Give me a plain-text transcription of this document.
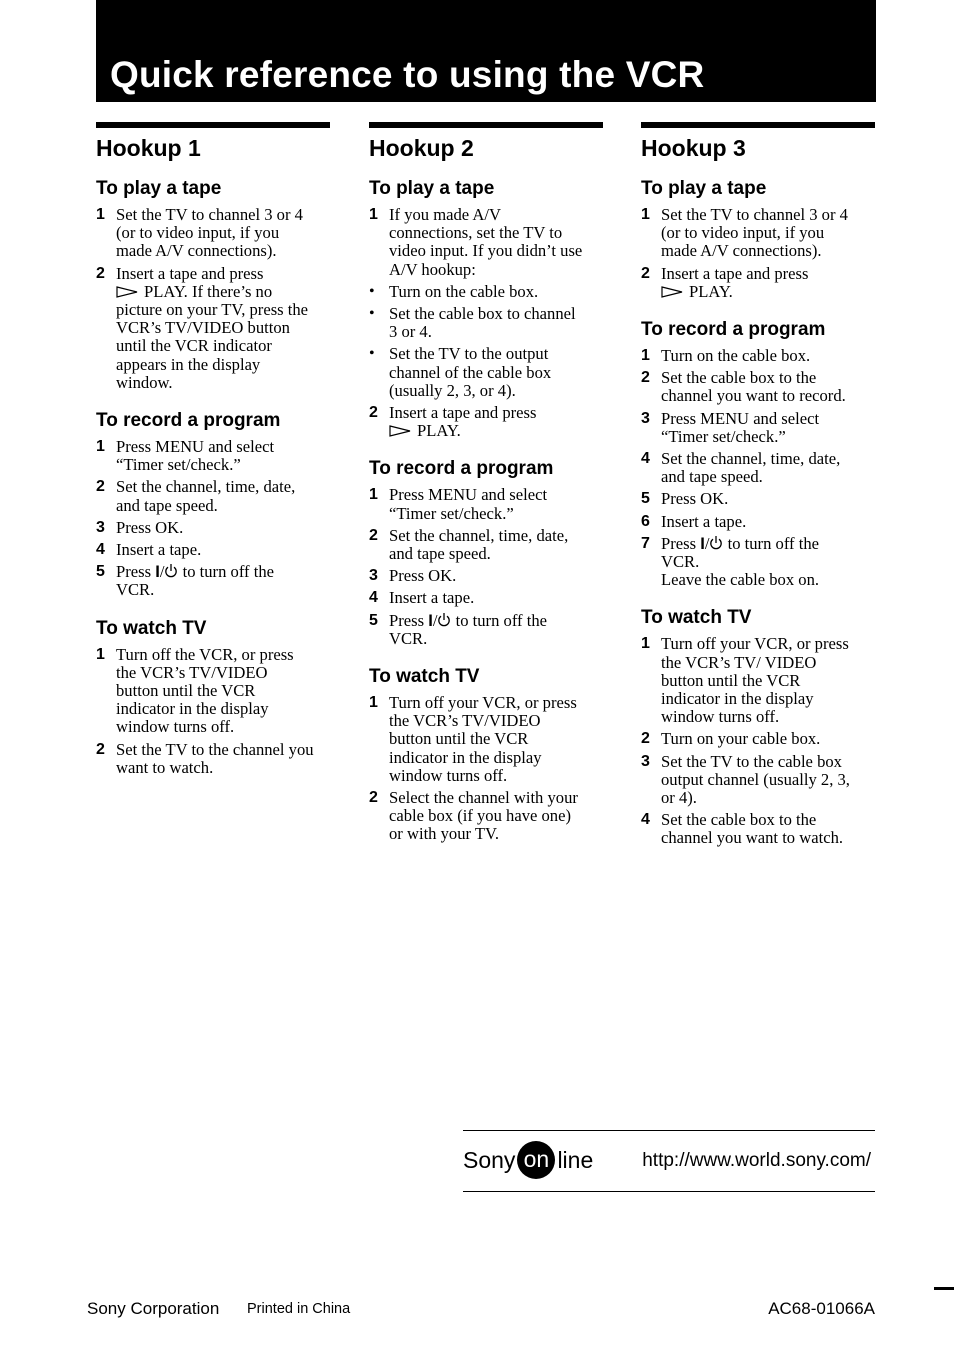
Quick reference to using the VCR
Hookup 1
To play a tape
1 Set the TV to channel 3 or 4
(or to video input, if you
made A/V connections).
2 Insert a tape and press
PLAY. If there’s no
picture on your TV, press the
VCR’s TV/VIDEO button
until the VCR indicator
appears in the display
window.
To record a program
1 Press MENU and select
“Timer set/check.”
2 Set the channel, time, date,
and tape speed.
3 Press OK.
4 Insert a tape.
5 Press I/ to turn off the
VCR.
To watch TV
1 Turn off the VCR, or press
the VCR’s TV/VIDEO
button until the VCR
indicator in the display
window turns off.
2 Set the TV to the channel you
want to watch.
Hookup 2
To play a tape
1 If you made A/V
connections, set the TV to
video input. If you didn’t use
A/V hookup:
• Turn on the cable box.
• Set the cable box to channel
3 or 4.
• Set the TV to the output
channel of the cable box
(usually 2, 3, or 4).
2 Insert a tape and press
PLAY.
To record a program
1 Press MENU and select
“Timer set/check.”
2 Set the channel, time, date,
and tape speed.
3 Press OK.
4 Insert a tape.
5 Press I/ to turn off the
VCR.
To watch TV
1 Turn off your VCR, or press
the VCR’s TV/VIDEO
button until the VCR
indicator in the display
window turns off.
2 Select the channel with your
cable box (if you have one)
or with your TV.
Hookup 3
To play a tape
1 Set the TV to channel 3 or 4
(or to video input, if you
made A/V connections).
2 Insert a tape and press
PLAY.
To record a program
1 Turn on the cable box.
2 Set the cable box to the
channel you want to record.
3 Press MENU and select
“Timer set/check.”
4 Set the channel, time, date,
and tape speed.
5 Press OK.
6 Insert a tape.
7 Press I/ to turn off the
VCR.
Leave the cable box on.
To watch TV
1 Turn off your VCR, or press
the VCR’s TV/ VIDEO
button until the VCR
indicator in the display
window turns off.
2 Turn on your cable box.
3 Set the TV to the cable box
output channel (usually 2, 3,
or 4).
4 Set the cable box to the
channel you want to watch.
Sony on line	http://www.world.sony.com/
Sony Corporation Printed in China	AC68-01066A
